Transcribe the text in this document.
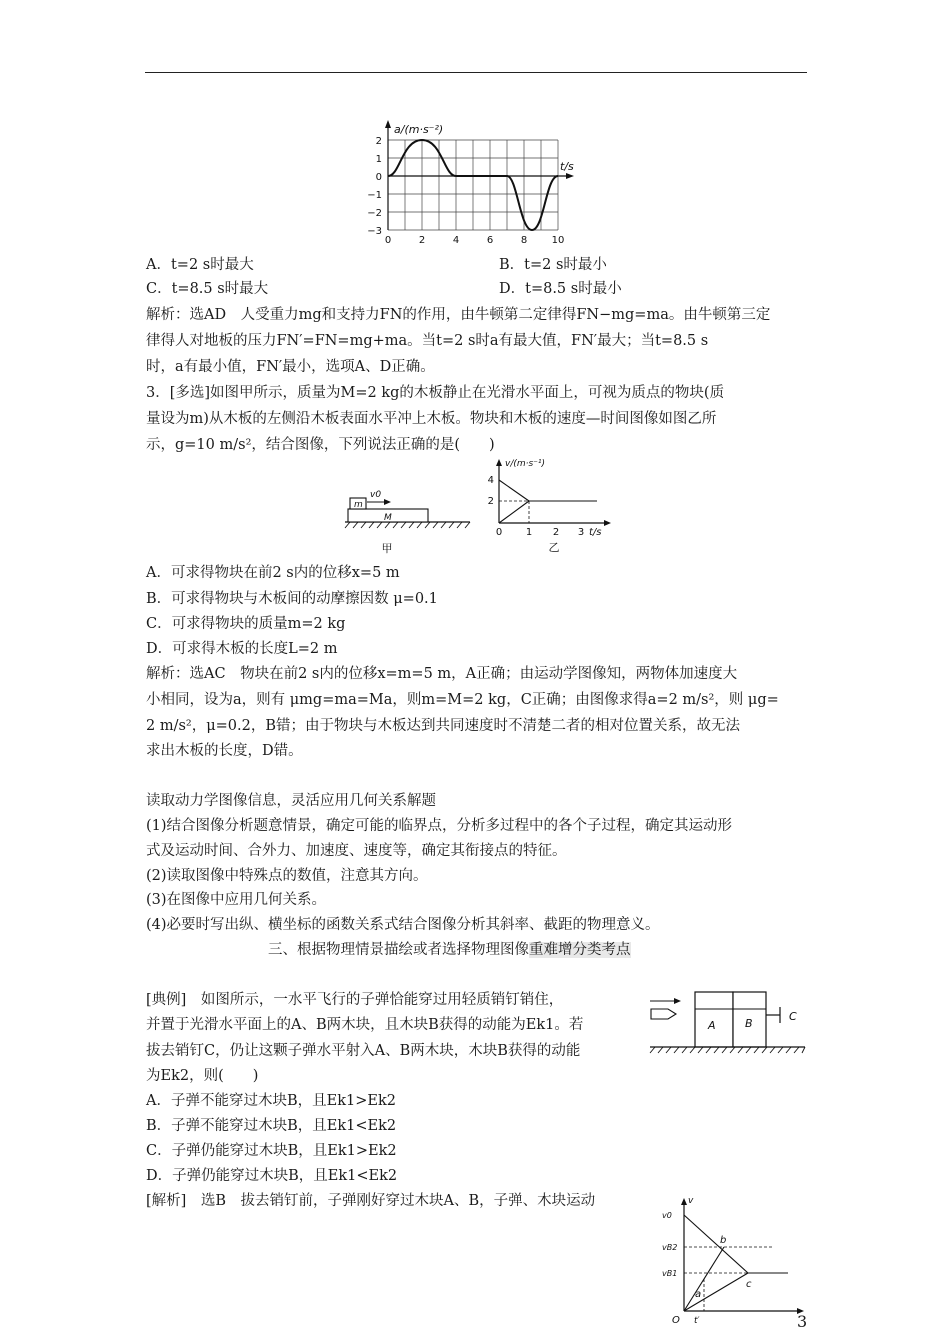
a/(m·s⁻²)
t/s
2
1
0
−1
−2
−3
0	2	4	6	8 10
A．t=2 s时最大	B．t=2 s时最小
C．t=8.5 s时最大	D．t=8.5 s时最小
解析：选AD　人受重力mg和支持力FN的作用，由牛顿第二定律得FN−mg=ma。由牛顿第三定
律得人对地板的压力FN′=FN=mg+ma。当t=2 s时a有最大值，FN′最大；当t=8.5 s
时，a有最小值，FN′最小，选项A、D正确。
3．[多选]如图甲所示，质量为M=2 kg的木板静止在光滑水平面上，可视为质点的物块(质
量设为m)从木板的左侧沿木板表面水平冲上木板。物块和木板的速度—时间图像如图乙所
示，g=10 m/s²，结合图像，下列说法正确的是(　　)
m
v0
M
甲
v/(m·s⁻¹)
t/s
4
2
0 1 2 3
乙
A．可求得物块在前2 s内的位移x=5 m
B．可求得物块与木板间的动摩擦因数 μ=0.1
C．可求得物块的质量m=2 kg
D．可求得木板的长度L=2 m
解析：选AC　物块在前2 s内的位移x=m=5 m，A正确；由运动学图像知，两物体加速度大
小相同，设为a，则有 μmg=ma=Ma，则m=M=2 kg，C正确；由图像求得a=2 m/s²，则 μg=
2 m/s²，μ=0.2，B错；由于物块与木板达到共同速度时不清楚二者的相对位置关系，故无法
求出木板的长度，D错。
读取动力学图像信息，灵活应用几何关系解题
(1)结合图像分析题意情景，确定可能的临界点，分析多过程中的各个子过程，确定其运动形
式及运动时间、合外力、加速度、速度等，确定其衔接点的特征。
(2)读取图像中特殊点的数值，注意其方向。
(3)在图像中应用几何关系。
(4)必要时写出纵、横坐标的函数关系式结合图像分析其斜率、截距的物理意义。
三、根据物理情景描绘或者选择物理图像重难增分类考点
[典例]　如图所示，一水平飞行的子弹恰能穿过用轻质销钉销住，
并置于光滑水平面上的A、B两木块，且木块B获得的动能为Ek1。若
拔去销钉C，仍让这颗子弹水平射入A、B两木块，木块B获得的动能
为Ek2，则(　　)
A	B
C
A．子弹不能穿过木块B，且Ek1>Ek2
B．子弹不能穿过木块B，且Ek1<Ek2
C．子弹仍能穿过木块B，且Ek1>Ek2
D．子弹仍能穿过木块B，且Ek1<Ek2
[解析]　选B　拔去销钉前，子弹刚好穿过木块A、B，子弹、木块运动	v
v0
vB2
vB1
a
b
c
O t′	3
